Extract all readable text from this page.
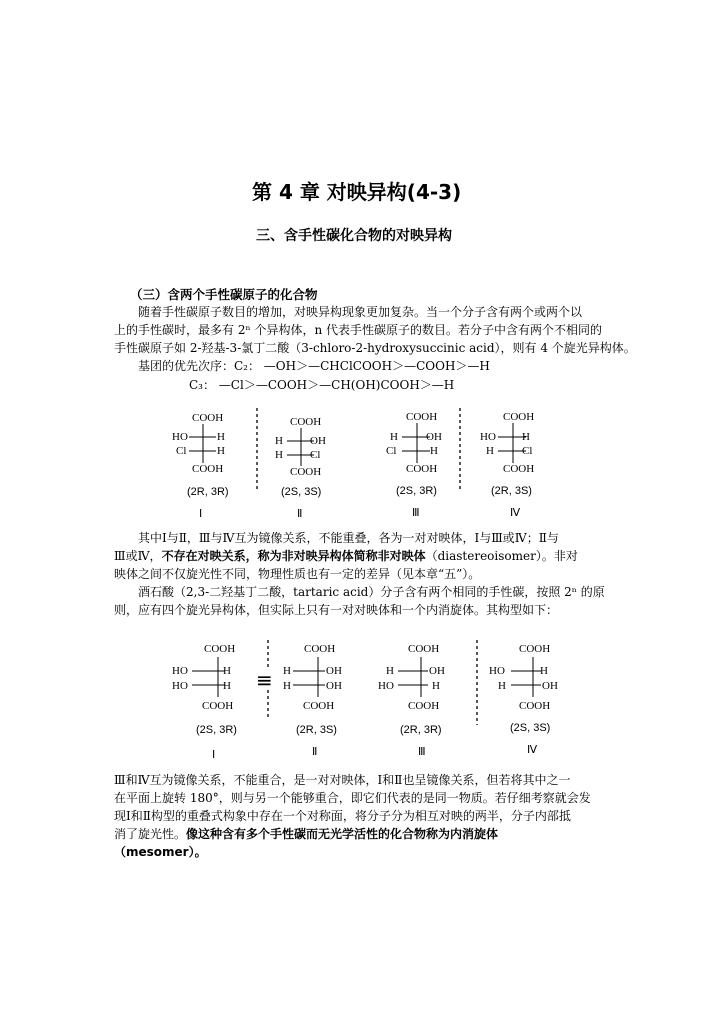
第 4 章 对映异构(4-3)
三、含手性碳化合物的对映异构
（三）含两个手性碳原子的化合物
随着手性碳原子数目的增加，对映异构现象更加复杂。当一个分子含有两个或两个以
上的手性碳时，最多有 2ⁿ 个异构体，n 代表手性碳原子的数目。若分子中含有两个不相同的
手性碳原子如 2-羟基-3-氯丁二酸（3-chloro-2-hydroxysuccinic acid），则有 4 个旋光异构体。
基团的优先次序：C₂： —OH＞—CHClCOOH＞—COOH＞—H
C₃： —Cl＞—COOH＞—CH(OH)COOH＞—H
COOH
HO	H
Cl	H
COOH
(2R, 3R)
Ⅰ
COOH
H OH
H Cl
COOH
(2S, 3S)
Ⅱ
COOH
H	OH
Cl	H
COOH
(2S, 3R)
Ⅲ
COOH
HO H
H	Cl
COOH
(2R, 3S)
Ⅳ
其中Ⅰ与Ⅱ，Ⅲ与Ⅳ互为镜像关系，不能重叠，各为一对对映体，Ⅰ与Ⅲ或Ⅳ；Ⅱ与
Ⅲ或Ⅳ，不存在对映关系，称为非对映异构体简称非对映体（diastereoisomer）。非对
映体之间不仅旋光性不同，物理性质也有一定的差异（见本章“五”）。
酒石酸（2,3-二羟基丁二酸，tartaric acid）分子含有两个相同的手性碳，按照 2ⁿ 的原
则，应有四个旋光异构体，但实际上只有一对对映体和一个内消旋体。其构型如下：
≡
COOH
HO	H
HO	H
COOH
(2S, 3R)
Ⅰ
COOH
H	OH
H	OH
COOH
(2R, 3S)
Ⅱ
COOH
H	OH
HO	H
COOH
(2R, 3R)
Ⅲ
COOH
HO	H
H	OH
COOH
(2S, 3S)
Ⅳ
Ⅲ和Ⅳ互为镜像关系，不能重合，是一对对映体，Ⅰ和Ⅱ也呈镜像关系，但若将其中之一
在平面上旋转 180°，则与另一个能够重合，即它们代表的是同一物质。若仔细考察就会发
现Ⅰ和Ⅱ构型的重叠式构象中存在一个对称面，将分子分为相互对映的两半，分子内部抵
消了旋光性。像这种含有多个手性碳而无光学活性的化合物称为内消旋体
（mesomer）。
